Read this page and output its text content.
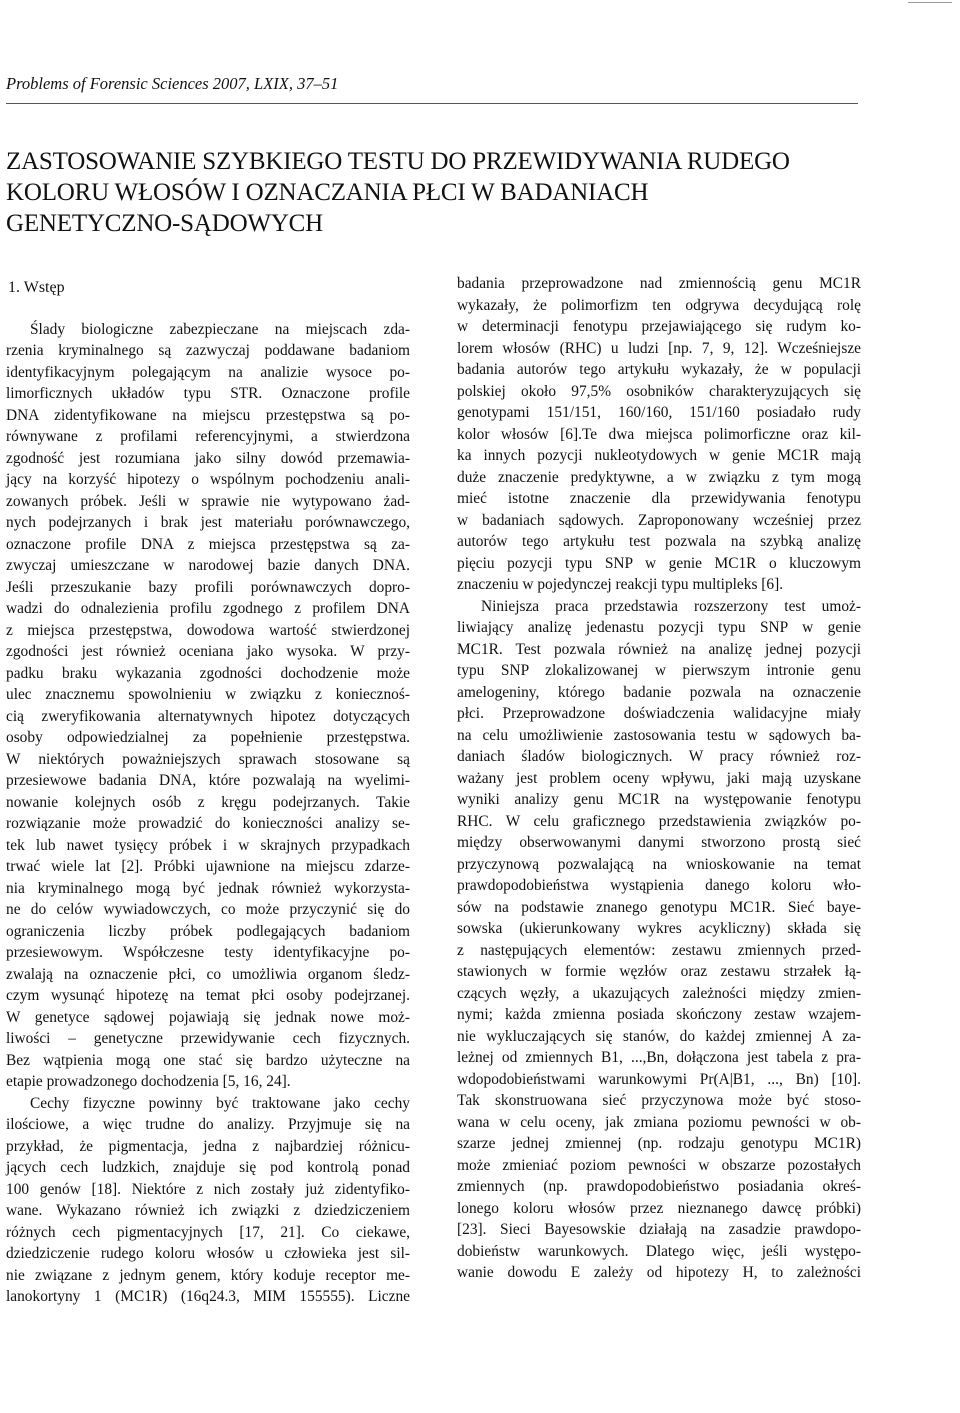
Problems of Forensic Sciences 2007, LXIX, 37–51
ZASTOSOWANIE SZYBKIEGO TESTU DO PRZEWIDYWANIA RUDEGO
KOLORU WŁOSÓW I OZNACZANIA PŁCI W BADANIACH
GENETYCZNO-SĄDOWYCH
1. Wstęp
Ślady biologiczne zabezpieczane na miejscach zda-
rzenia kryminalnego są zazwyczaj poddawane badaniom
identyfikacyjnym polegającym na analizie wysoce po-
limorficznych układów typu STR. Oznaczone profile
DNA zidentyfikowane na miejscu przestępstwa są po-
równywane z profilami referencyjnymi, a stwierdzona
zgodność jest rozumiana jako silny dowód przemawia-
jący na korzyść hipotezy o wspólnym pochodzeniu anali-
zowanych próbek. Jeśli w sprawie nie wytypowano żad-
nych podejrzanych i brak jest materiału porównawczego,
oznaczone profile DNA z miejsca przestępstwa są za-
zwyczaj umieszczane w narodowej bazie danych DNA.
Jeśli przeszukanie bazy profili porównawczych dopro-
wadzi do odnalezienia profilu zgodnego z profilem DNA
z miejsca przestępstwa, dowodowa wartość stwierdzonej
zgodności jest również oceniana jako wysoka. W przy-
padku braku wykazania zgodności dochodzenie może
ulec znacznemu spowolnieniu w związku z koniecznoś-
cią zweryfikowania alternatywnych hipotez dotyczących
osoby odpowiedzialnej za popełnienie przestępstwa.
W niektórych poważniejszych sprawach stosowane są
przesiewowe badania DNA, które pozwalają na wyelimi-
nowanie kolejnych osób z kręgu podejrzanych. Takie
rozwiązanie może prowadzić do konieczności analizy se-
tek lub nawet tysięcy próbek i w skrajnych przypadkach
trwać wiele lat [2]. Próbki ujawnione na miejscu zdarze-
nia kryminalnego mogą być jednak również wykorzysta-
ne do celów wywiadowczych, co może przyczynić się do
ograniczenia liczby próbek podlegających badaniom
przesiewowym. Współczesne testy identyfikacyjne po-
zwalają na oznaczenie płci, co umożliwia organom śledz-
czym wysunąć hipotezę na temat płci osoby podejrzanej.
W genetyce sądowej pojawiają się jednak nowe moż-
liwości – genetyczne przewidywanie cech fizycznych.
Bez wątpienia mogą one stać się bardzo użyteczne na
etapie prowadzonego dochodzenia [5, 16, 24].
Cechy fizyczne powinny być traktowane jako cechy
ilościowe, a więc trudne do analizy. Przyjmuje się na
przykład, że pigmentacja, jedna z najbardziej różnicu-
jących cech ludzkich, znajduje się pod kontrolą ponad
100 genów [18]. Niektóre z nich zostały już zidentyfiko-
wane. Wykazano również ich związki z dziedziczeniem
różnych cech pigmentacyjnych [17, 21]. Co ciekawe,
dziedziczenie rudego koloru włosów u człowieka jest sil-
nie związane z jednym genem, który koduje receptor me-
lanokortyny 1 (MC1R) (16q24.3, MIM 155555). Liczne
badania przeprowadzone nad zmiennością genu MC1R
wykazały, że polimorfizm ten odgrywa decydującą rolę
w determinacji fenotypu przejawiającego się rudym ko-
lorem włosów (RHC) u ludzi [np. 7, 9, 12]. Wcześniejsze
badania autorów tego artykułu wykazały, że w populacji
polskiej około 97,5% osobników charakteryzujących się
genotypami 151/151, 160/160, 151/160 posiadało rudy
kolor włosów [6].Te dwa miejsca polimorficzne oraz kil-
ka innych pozycji nukleotydowych w genie MC1R mają
duże znaczenie predyktywne, a w związku z tym mogą
mieć istotne znaczenie dla przewidywania fenotypu
w badaniach sądowych. Zaproponowany wcześniej przez
autorów tego artykułu test pozwala na szybką analizę
pięciu pozycji typu SNP w genie MC1R o kluczowym
znaczeniu w pojedynczej reakcji typu multipleks [6].
Niniejsza praca przedstawia rozszerzony test umoż-
liwiający analizę jedenastu pozycji typu SNP w genie
MC1R. Test pozwala również na analizę jednej pozycji
typu SNP zlokalizowanej w pierwszym intronie genu
amelogeniny, którego badanie pozwala na oznaczenie
płci. Przeprowadzone doświadczenia walidacyjne miały
na celu umożliwienie zastosowania testu w sądowych ba-
daniach śladów biologicznych. W pracy również roz-
ważany jest problem oceny wpływu, jaki mają uzyskane
wyniki analizy genu MC1R na występowanie fenotypu
RHC. W celu graficznego przedstawienia związków po-
między obserwowanymi danymi stworzono prostą sieć
przyczynową pozwalającą na wnioskowanie na temat
prawdopodobieństwa wystąpienia danego koloru wło-
sów na podstawie znanego genotypu MC1R. Sieć baye-
sowska (ukierunkowany wykres acykliczny) składa się
z następujących elementów: zestawu zmiennych przed-
stawionych w formie węzłów oraz zestawu strzałek łą-
czących węzły, a ukazujących zależności między zmien-
nymi; każda zmienna posiada skończony zestaw wzajem-
nie wykluczających się stanów, do każdej zmiennej A za-
leżnej od zmiennych B1, ...,Bn, dołączona jest tabela z pra-
wdopodobieństwami warunkowymi Pr(A|B1, ..., Bn) [10].
Tak skonstruowana sieć przyczynowa może być stoso-
wana w celu oceny, jak zmiana poziomu pewności w ob-
szarze jednej zmiennej (np. rodzaju genotypu MC1R)
może zmieniać poziom pewności w obszarze pozostałych
zmiennych (np. prawdopodobieństwo posiadania okreś-
lonego koloru włosów przez nieznanego dawcę próbki)
[23]. Sieci Bayesowskie działają na zasadzie prawdopo-
dobieństw warunkowych. Dlatego więc, jeśli występo-
wanie dowodu E zależy od hipotezy H, to zależności
